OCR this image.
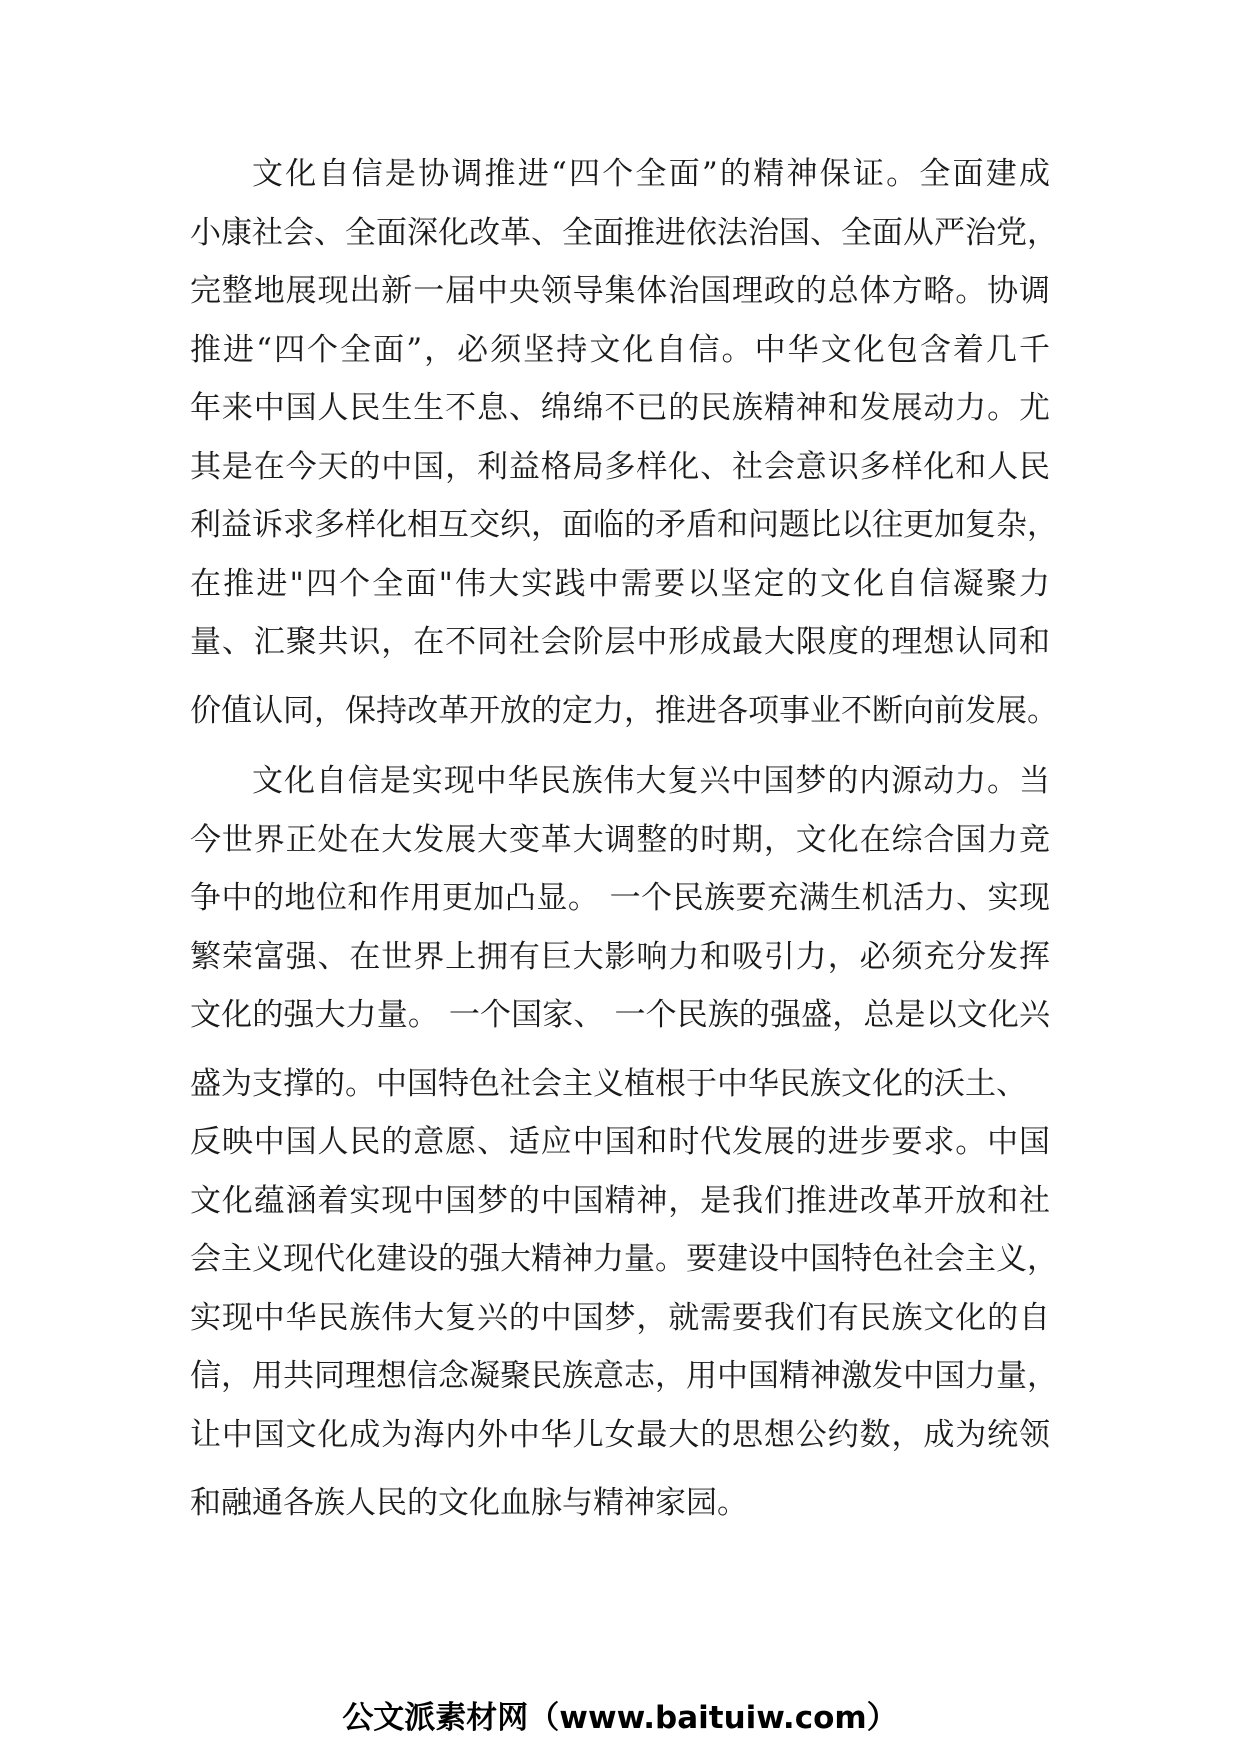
文化自信是协调推进“四个全面”的精神保证。全面建成
小康社会、全面深化改革、全面推进依法治国、全面从严治党，
完整地展现出新一届中央领导集体治国理政的总体方略。协调
推进“四个全面”，必须坚持文化自信。中华文化包含着几千
年来中国人民生生不息、绵绵不已的民族精神和发展动力。尤
其是在今天的中国，利益格局多样化、社会意识多样化和人民
利益诉求多样化相互交织，面临的矛盾和问题比以往更加复杂，
在推进"四个全面"伟大实践中需要以坚定的文化自信凝聚力
量、汇聚共识，在不同社会阶层中形成最大限度的理想认同和
价值认同，保持改革开放的定力，推进各项事业不断向前发展。
文化自信是实现中华民族伟大复兴中国梦的内源动力。当
今世界正处在大发展大变革大调整的时期，文化在综合国力竞
争中的地位和作用更加凸显。 一个民族要充满生机活力、实现
繁荣富强、在世界上拥有巨大影响力和吸引力，必须充分发挥
文化的强大力量。 一个国家、 一个民族的强盛，总是以文化兴
盛为支撑的。中国特色社会主义植根于中华民族文化的沃土、
反映中国人民的意愿、适应中国和时代发展的进步要求。中国
文化蕴涵着实现中国梦的中国精神，是我们推进改革开放和社
会主义现代化建设的强大精神力量。要建设中国特色社会主义，
实现中华民族伟大复兴的中国梦，就需要我们有民族文化的自
信，用共同理想信念凝聚民族意志，用中国精神激发中国力量，
让中国文化成为海内外中华儿女最大的思想公约数，成为统领
和融通各族人民的文化血脉与精神家园。
公文派素材网（www.baituiw.com）
